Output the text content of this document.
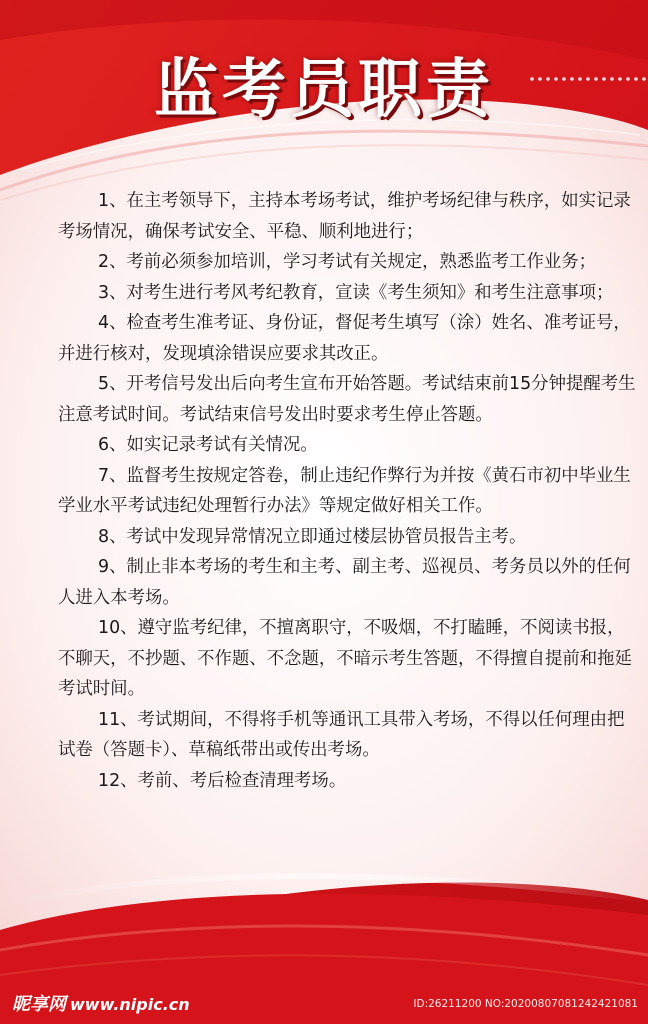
监考员职责

1、在主考领导下，主持本考场考试，维护考场纪律与秩序，如实记录考场情况，确保考试安全、平稳、顺利地进行；

2、考前必须参加培训，学习考试有关规定，熟悉监考工作业务；

3、对考生进行考风考纪教育，宣读《考生须知》和考生注意事项；

4、检查考生准考证、身份证，督促考生填写（涂）姓名、准考证号，并进行核对，发现填涂错误应要求其改正。

5、开考信号发出后向考生宣布开始答题。考试结束前15分钟提醒考生注意考试时间。考试结束信号发出时要求考生停止答题。

6、如实记录考试有关情况。

7、监督考生按规定答卷，制止违纪作弊行为并按《黄石市初中毕业生学业水平考试违纪处理暂行办法》等规定做好相关工作。

8、考试中发现异常情况立即通过楼层协管员报告主考。

9、制止非本考场的考生和主考、副主考、巡视员、考务员以外的任何人进入本考场。

10、遵守监考纪律，不擅离职守，不吸烟，不打瞌睡，不阅读书报，不聊天，不抄题、不作题、不念题，不暗示考生答题，不得擅自提前和拖延考试时间。

11、考试期间，不得将手机等通讯工具带入考场，不得以任何理由把试卷（答题卡）、草稿纸带出或传出考场。

12、考前、考后检查清理考场。

昵享网 www.nipic.cn	ID:26211200 NO:20200807081242421081
